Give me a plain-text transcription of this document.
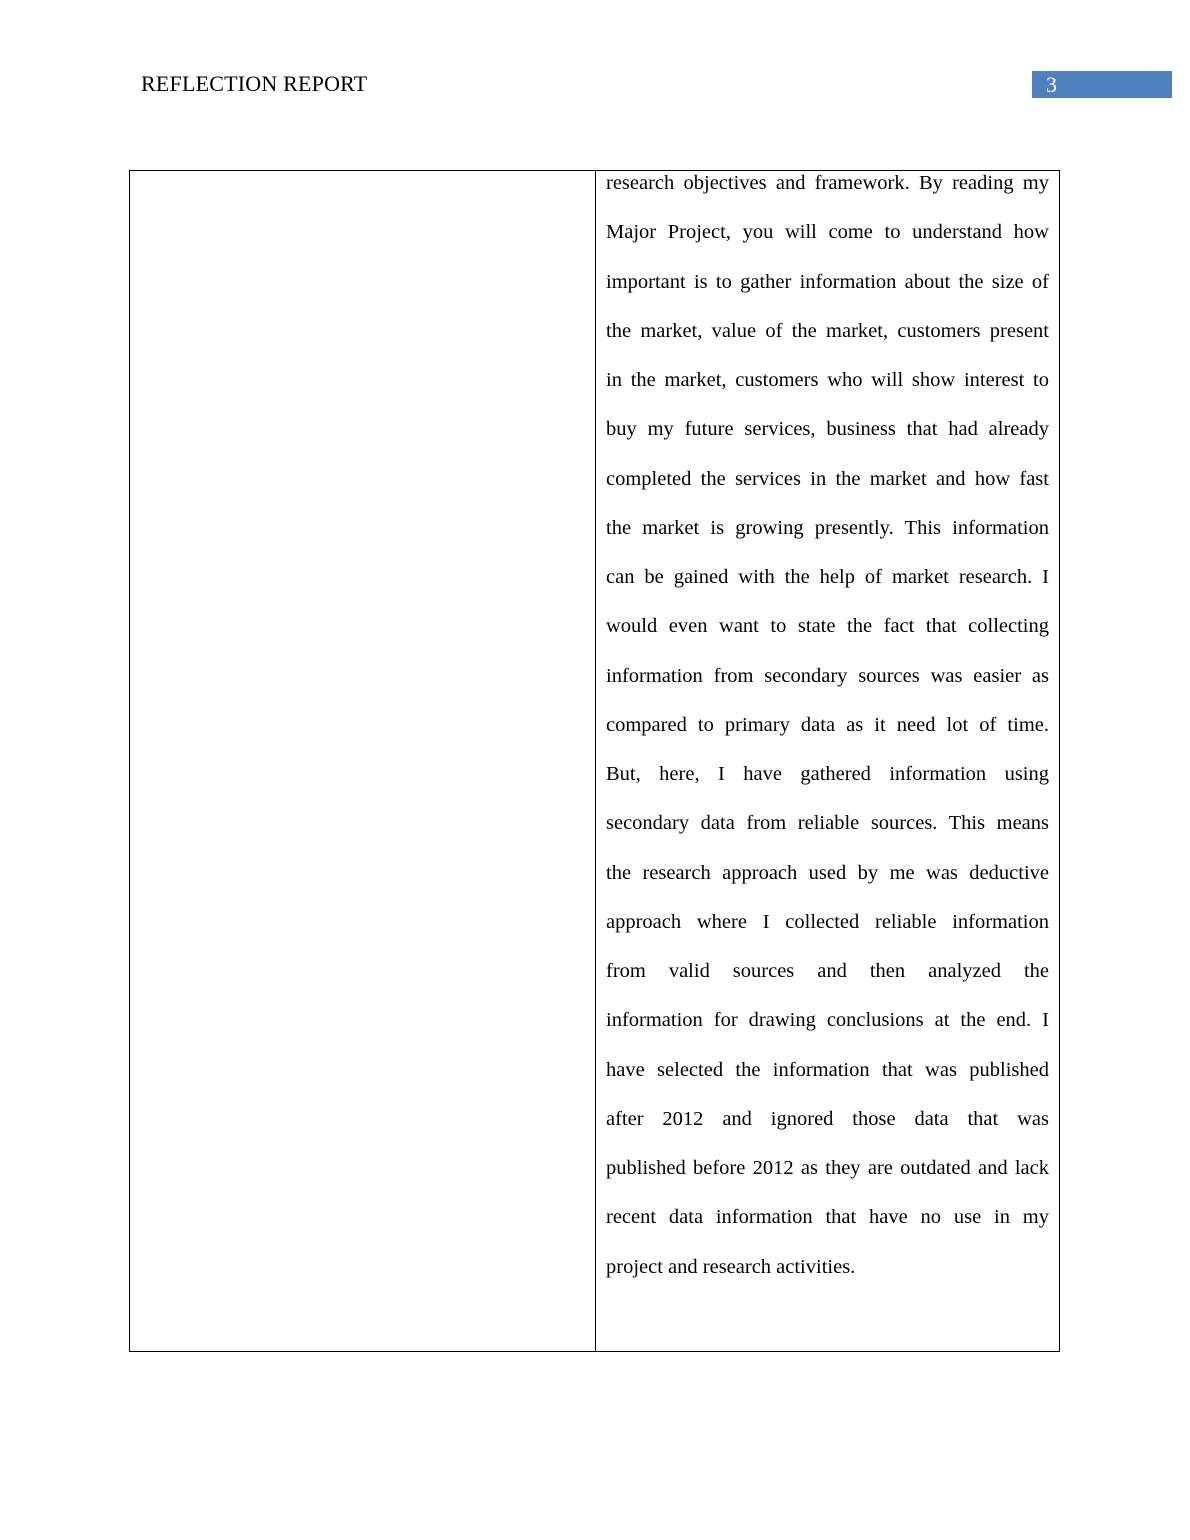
REFLECTION REPORT	3
research objectives and framework. By reading my
Major Project, you will come to understand how
important is to gather information about the size of
the market, value of the market, customers present
in the market, customers who will show interest to
buy my future services, business that had already
completed the services in the market and how fast
the market is growing presently. This information
can be gained with the help of market research. I
would even want to state the fact that collecting
information from secondary sources was easier as
compared to primary data as it need lot of time.
But, here, I have gathered information using
secondary data from reliable sources. This means
the research approach used by me was deductive
approach where I collected reliable information
from valid sources and then analyzed the
information for drawing conclusions at the end. I
have selected the information that was published
after 2012 and ignored those data that was
published before 2012 as they are outdated and lack
recent data information that have no use in my
project and research activities.
